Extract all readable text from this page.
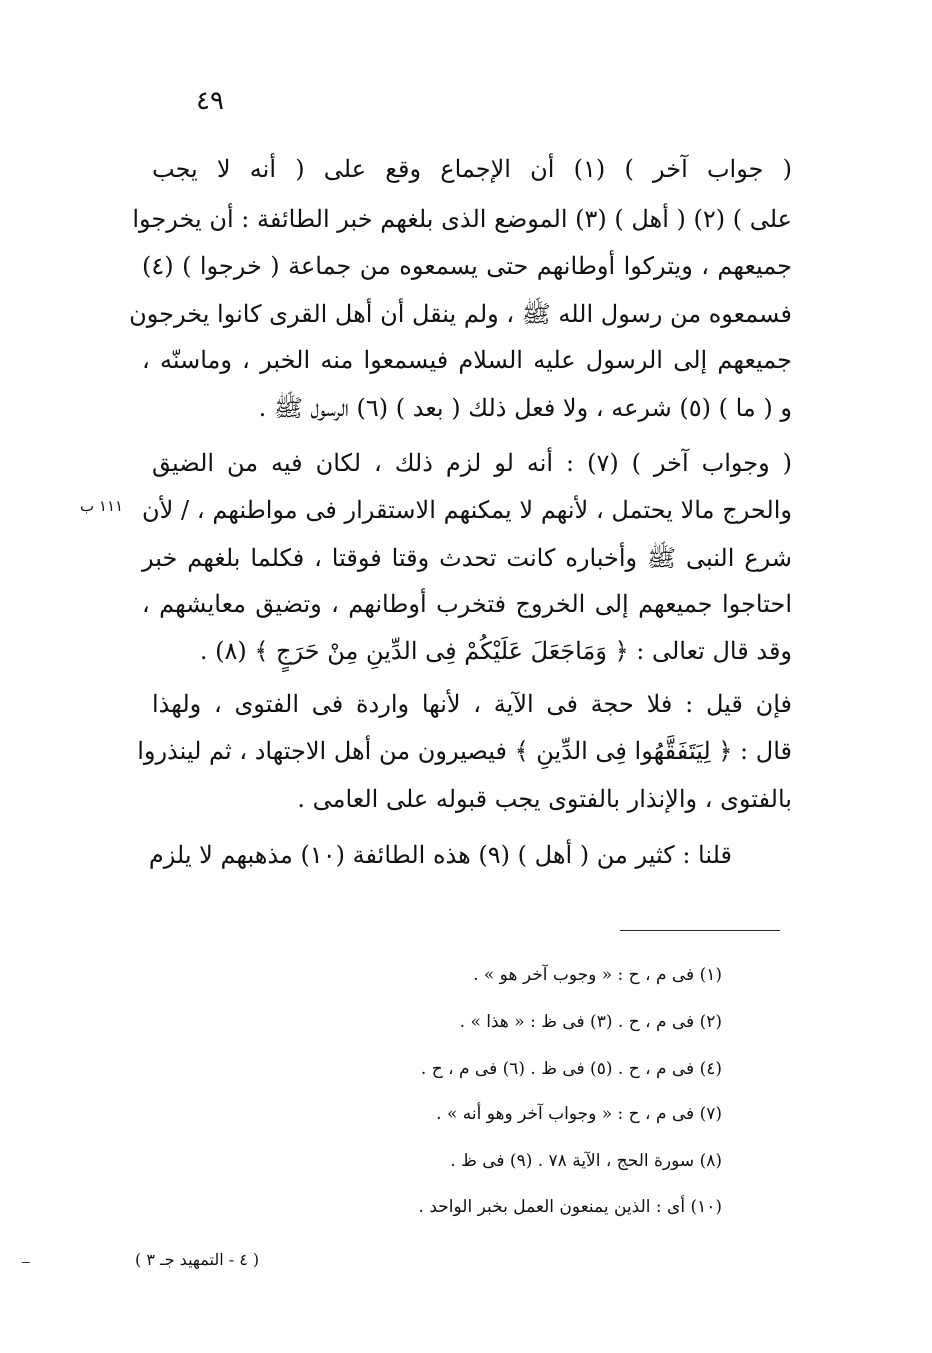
٤٩
( جواب آخر ) (١) أن الإجماع وقع على ( أنه لا يجب
على ) (٢) ( أهل ) (٣) الموضع الذى بلغهم خبر الطائفة : أن يخرجوا
جميعهم ، ويتركوا أوطانهم حتى يسمعوه من جماعة ( خرجوا ) (٤)
فسمعوه من رسول الله ﷺ ، ولم ينقل أن أهل القرى كانوا يخرجون
جميعهم إلى الرسول عليه السلام فيسمعوا منه الخبر ، وماسنّه ،
و ( ما ) (٥) شرعه ، ولا فعل ذلك ( بعد ) (٦) الرسول ﷺ .
( وجواب آخر ) (٧) : أنه لو لزم ذلك ، لكان فيه من الضيق
والحرج مالا يحتمل ، لأنهم لا يمكنهم الاستقرار فى مواطنهم ، / لأن
شرع النبى ﷺ وأخباره كانت تحدث وقتا فوقتا ، فكلما بلغهم خبر
احتاجوا جميعهم إلى الخروج فتخرب أوطانهم ، وتضيق معايشهم ،
وقد قال تعالى : ﴿ وَمَاجَعَلَ عَلَيْكُمْ فِى الدِّينِ مِنْ حَرَجٍ ﴾ (٨) .
فإن قيل : فلا حجة فى الآية ، لأنها واردة فى الفتوى ، ولهذا
قال : ﴿ لِيَتَفَقَّهُوا فِى الدِّينِ ﴾ فيصيرون من أهل الاجتهاد ، ثم لينذروا
بالفتوى ، والإنذار بالفتوى يجب قبوله على العامى .
قلنا : كثير من ( أهل ) (٩) هذه الطائفة (١٠) مذهبهم لا يلزم
١١١ ب
(١) فى م ، ح : « وجوب آخر هو » .
(٢) فى م ، ح . (٣) فى ظ : « هذا » .
(٤) فى م ، ح . (٥) فى ظ . (٦) فى م ، ح .
(٧) فى م ، ح : « وجواب آخر وهو أنه » .
(٨) سورة الحج ، الآية ٧٨ . (٩) فى ظ .
(١٠) أى : الذين يمنعون العمل بخبر الواحد .
( ٤ - التمهيد جـ ٣ )
